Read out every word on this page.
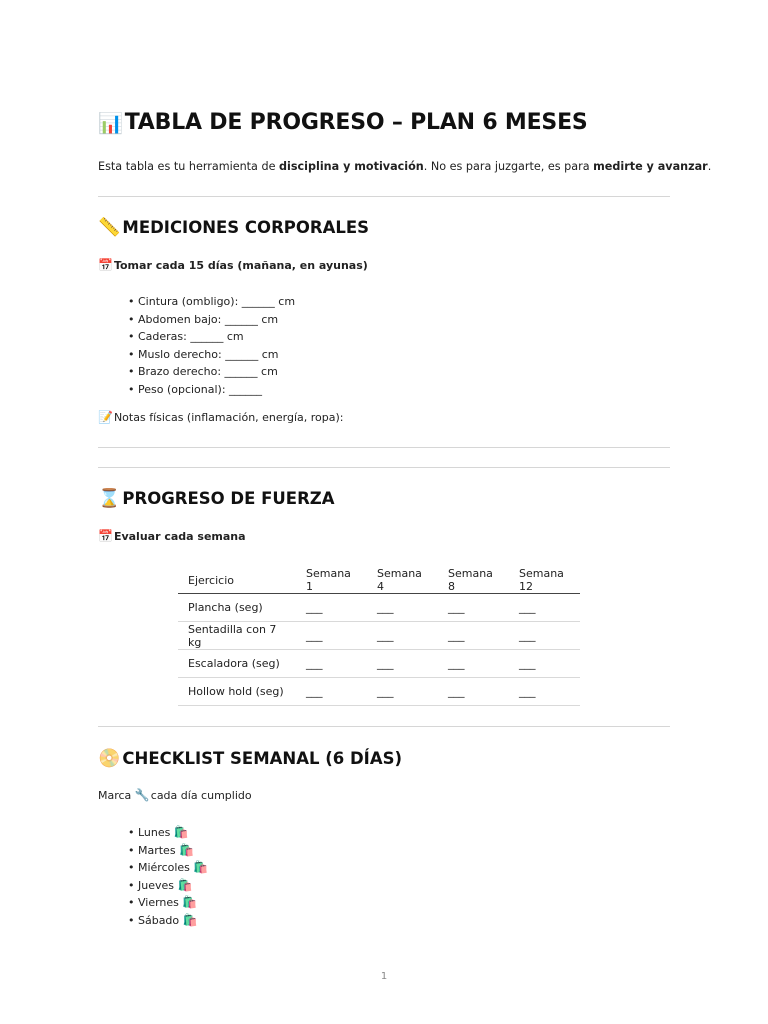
📊 TABLA DE PROGRESO – PLAN 6 MESES
Esta tabla es tu herramienta de disciplina y motivación. No es para juzgarte, es para medirte y avanzar.
📏 MEDICIONES CORPORALES
📅 Tomar cada 15 días (mañana, en ayunas)
• Cintura (ombligo): ______ cm
• Abdomen bajo: ______ cm
• Caderas: ______ cm
• Muslo derecho: ______ cm
• Brazo derecho: ______ cm
• Peso (opcional): ______
📝 Notas físicas (inflamación, energía, ropa):
⌛ PROGRESO DE FUERZA
📅 Evaluar cada semana
Ejercicio	Semana 1	Semana 4	Semana 8	Semana 12
Plancha (seg)	___	___	___	___
Sentadilla con 7 kg	___	___	___	___
Escaladora (seg)	___	___	___	___
Hollow hold (seg)	___	___	___	___
📀 CHECKLIST SEMANAL (6 DÍAS)
Marca 🔧 cada día cumplido
• Lunes 🛍️
• Martes 🛍️
• Miércoles 🛍️
• Jueves 🛍️
• Viernes 🛍️
• Sábado 🛍️
1
